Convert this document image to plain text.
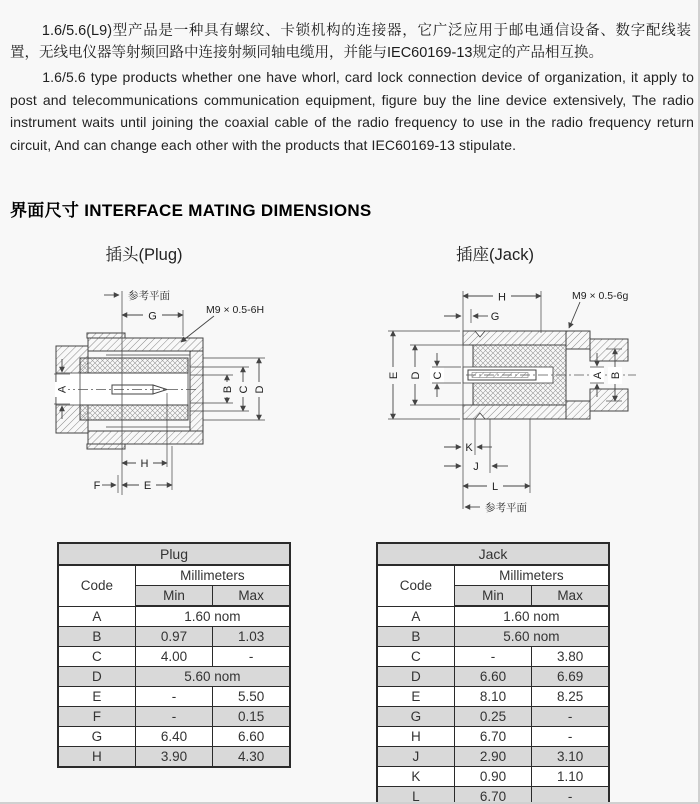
1.6/5.6(L9)型产品是一种具有螺纹、卡锁机构的连接器，它广泛应用于邮电通信设备、数字配线装置，无线电仪器等射频回路中连接射频同轴电缆用，并能与IEC60169-13规定的产品相互换。

1.6/5.6 type products whether one have whorl, card lock connection device of organization, it apply to post and telecommunications communication equipment, figure buy the line device extensively, The radio instrument waits until joining the coaxial cable of the radio frequency to use in the radio frequency return circuit, And can change each other with the products that IEC60169-13 stipulate.

界面尺寸 INTERFACE MATING DIMENSIONS
插头(Plug)	插座(Jack)
参考平面
M9 × 0.5-6H
G
A	B C D
H
E
F
H	M9 × 0.5-6g
G
E D C	A B
K
J
L
参考平面
Plug		
Code	Millimeters	
	Min	Max
A	1.60 nom	
B	0.97	1.03
C	4.00	-
D	5.60 nom	
E	-	5.50
F	-	0.15
G	6.40	6.60
H	3.90	4.30
Jack		
Code	Millimeters	
	Min	Max
A	1.60 nom	
B	5.60 nom	
C	-	3.80
D	6.60	6.69
E	8.10	8.25
G	0.25	-
H	6.70	-
J	2.90	3.10
K	0.90	1.10
L	6.70	-
